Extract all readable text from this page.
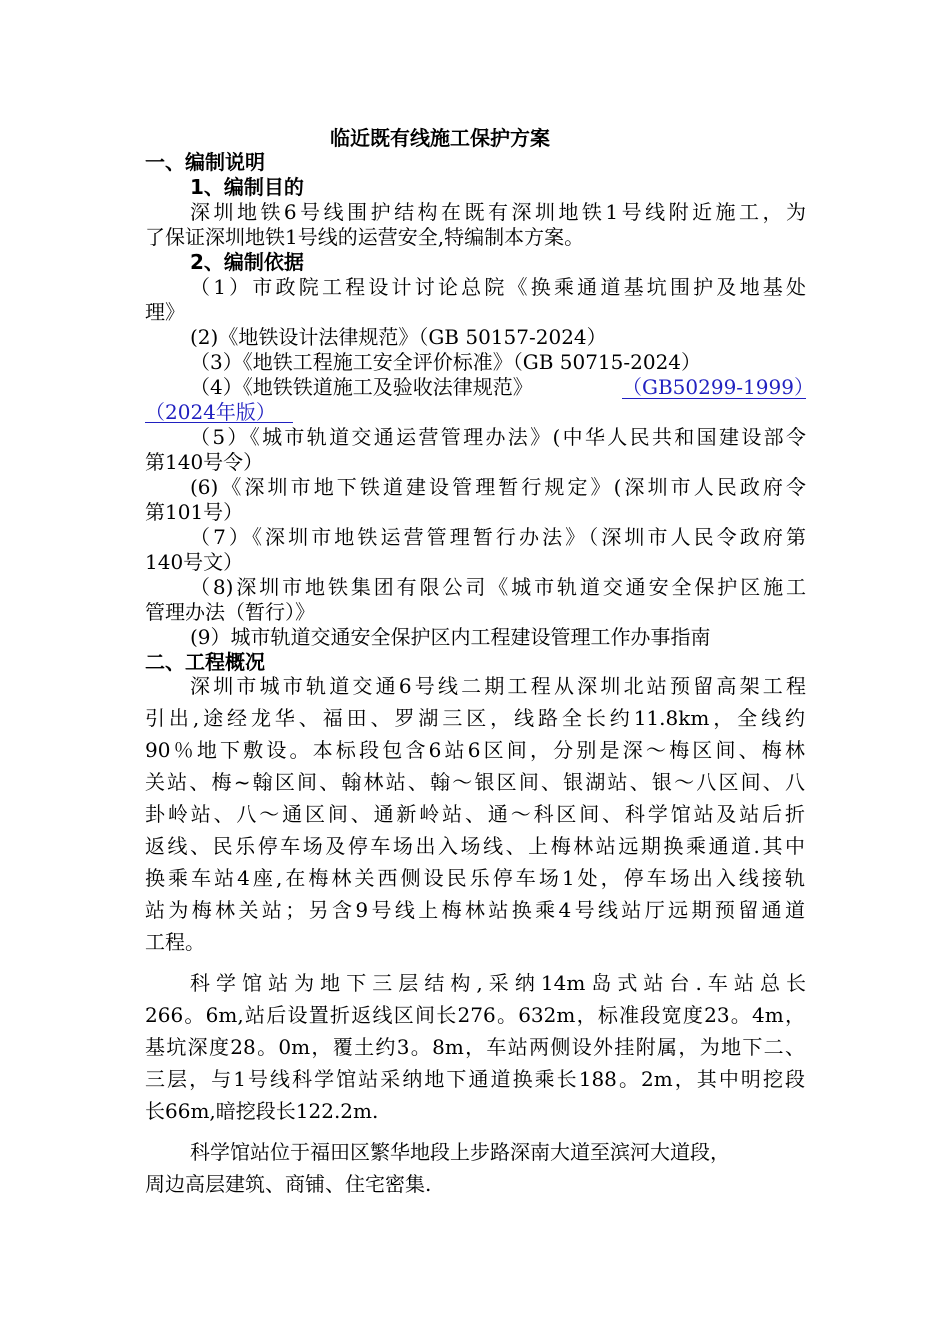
临近既有线施工保护方案
一、编制说明
1、编制目的
深圳地铁6号线围护结构在既有深圳地铁1号线附近施工，为
了保证深圳地铁1号线的运营安全,特编制本方案。
2、编制依据
（1）市政院工程设计讨论总院《换乘通道基坑围护及地基处
理》
(2)《地铁设计法律规范》（GB 50157-2024）
（3）《地铁工程施工安全评价标准》（GB 50715-2024）
（4）《地铁铁道施工及验收法律规范》	（GB50299-1999）
（2024年版）
（5）《城市轨道交通运营管理办法》(中华人民共和国建设部令
第140号令）
(6)《深圳市地下铁道建设管理暂行规定》(深圳市人民政府令
第101号）
（7）《深圳市地铁运营管理暂行办法》（深圳市人民令政府第
140号文）
（8)深圳市地铁集团有限公司《城市轨道交通安全保护区施工
管理办法（暂行）》
(9）城市轨道交通安全保护区内工程建设管理工作办事指南
二、工程概况
深圳市城市轨道交通6号线二期工程从深圳北站预留高架工程
引出,途经龙华、福田、罗湖三区，线路全长约11.8km，全线约
90％地下敷设。本标段包含6站6区间，分别是深～梅区间、梅林
关站、梅~翰区间、翰林站、翰～银区间、银湖站、银～八区间、八
卦岭站、八～通区间、通新岭站、通～科区间、科学馆站及站后折
返线、民乐停车场及停车场出入场线、上梅林站远期换乘通道.其中
换乘车站4座,在梅林关西侧设民乐停车场1处，停车场出入线接轨
站为梅林关站；另含9号线上梅林站换乘4号线站厅远期预留通道
工程。
科学馆站为地下三层结构,采纳14m岛式站台.车站总长
266。6m,站后设置折返线区间长276。632m，标准段宽度23。4m，
基坑深度28。0m，覆土约3。8m，车站两侧设外挂附属，为地下二、
三层，与1号线科学馆站采纳地下通道换乘长188。2m，其中明挖段
长66m,暗挖段长122.2m.
科学馆站位于福田区繁华地段上步路深南大道至滨河大道段，
周边高层建筑、商铺、住宅密集.
